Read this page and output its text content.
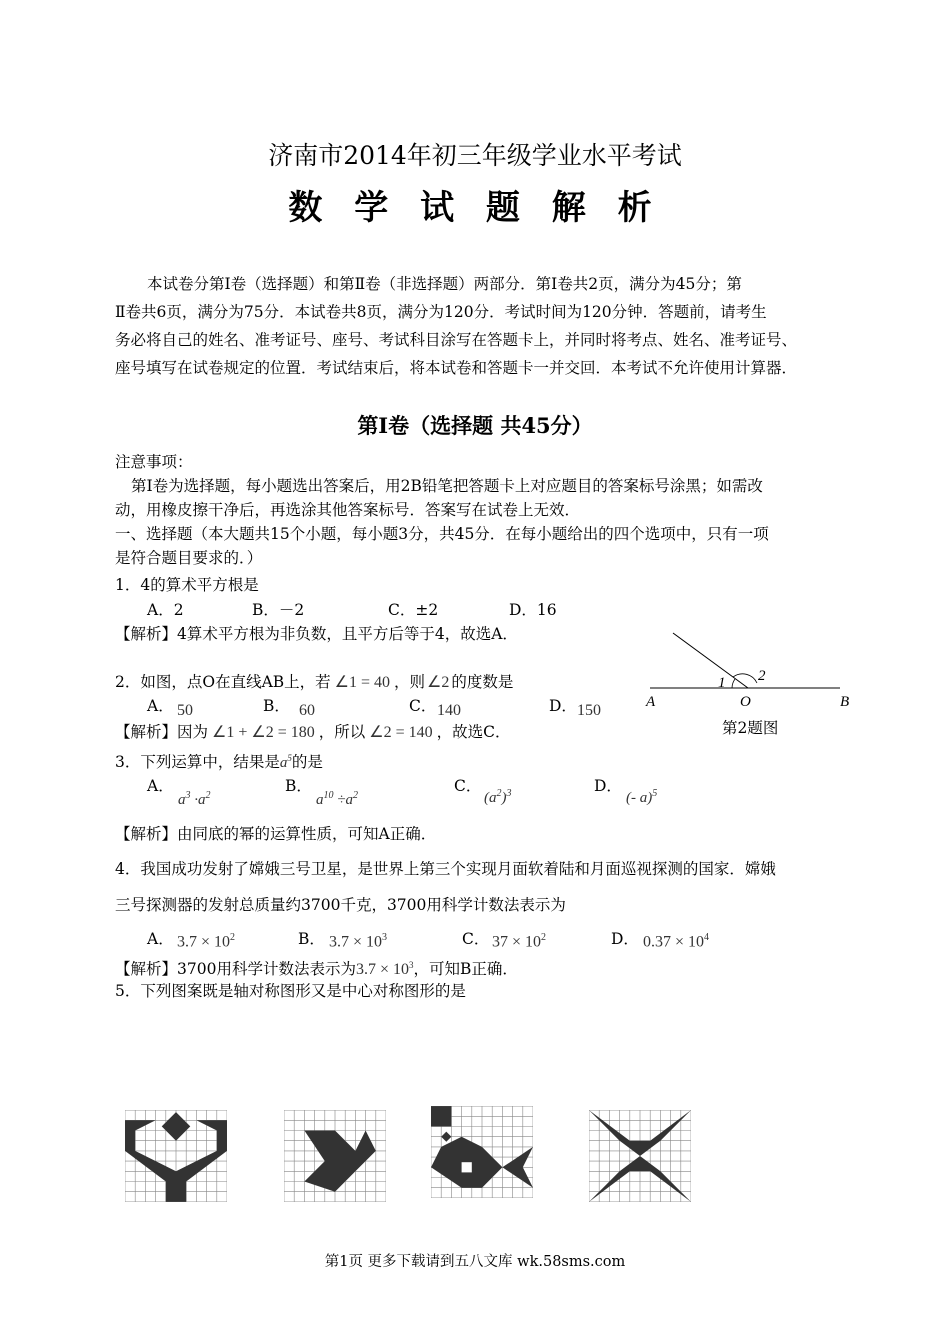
济南市2014年初三年级学业水平考试
数 学 试 题 解 析
本试卷分第Ⅰ卷（选择题）和第Ⅱ卷（非选择题）两部分．第Ⅰ卷共2页，满分为45分；第
Ⅱ卷共6页，满分为75分．本试卷共8页，满分为120分．考试时间为120分钟．答题前，请考生
务必将自己的姓名、准考证号、座号、考试科目涂写在答题卡上，并同时将考点、姓名、准考证号、
座号填写在试卷规定的位置．考试结束后，将本试卷和答题卡一并交回．本考试不允许使用计算器．
第Ⅰ卷（选择题 共45分）
注意事项：
第Ⅰ卷为选择题，每小题选出答案后，用2B铅笔把答题卡上对应题目的答案标号涂黑；如需改
动，用橡皮擦干净后，再选涂其他答案标号．答案写在试卷上无效．
一、选择题（本大题共15个小题，每小题3分，共45分．在每小题给出的四个选项中，只有一项
是符合题目要求的．）
1．4的算术平方根是
A．2	B．－2	C．±2	D．16
【解析】4算术平方根为非负数，且平方后等于4，故选A．
2．如图，点O在直线AB上，若 ∠1 = 40 ，则 ∠2 的度数是
A． 50	B． 60	C． 140	D． 150
【解析】因为 ∠1 + ∠2 = 180 ，所以 ∠2 = 140 ，故选C．
1 2
A	O	B
第2题图
3．下列运算中，结果是$a^5$的是
A．
$a^3 \cdot a^2$
B．
$a^{10} \div a^2$
C．
$(a^2)^3$	D．
(- a)$^5$
【解析】由同底的幂的运算性质，可知A正确．
4．我国成功发射了嫦娥三号卫星，是世界上第三个实现月面软着陆和月面巡视探测的国家．嫦娥
三号探测器的发射总质量约3700千克，3700用科学计数法表示为
A． $3.7 \times 10^2$	B． $3.7 \times 10^3$	C． $37 \times 10^2$	D． $0.37 \times 10^4$
【解析】3700用科学计数法表示为$3.7 \times 10^3$，可知B正确．
5．下列图案既是轴对称图形又是中心对称图形的是
第1页 更多下载请到五八文库 wk.58sms.com
